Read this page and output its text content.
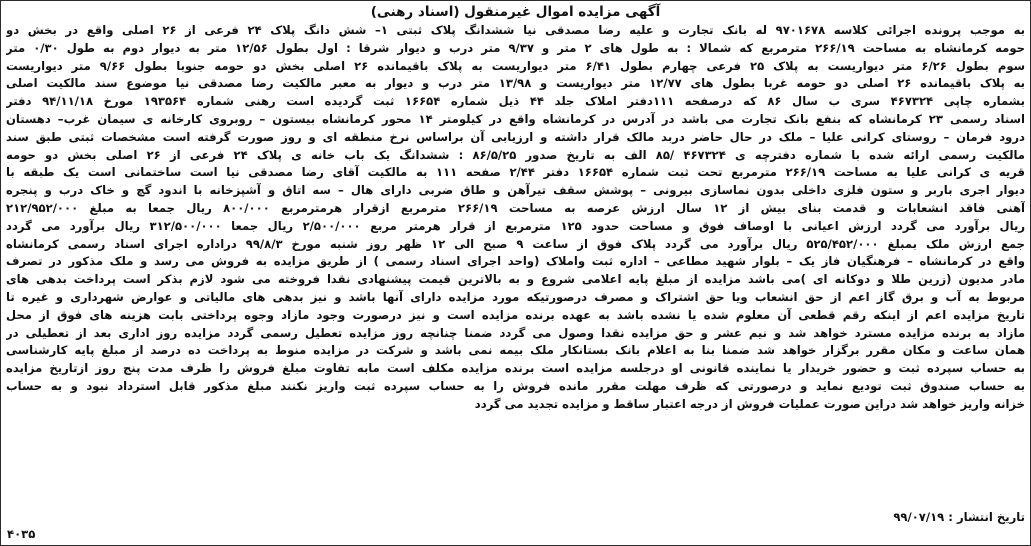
آگهی مزایده اموال غیرمنقول (اسناد رهنی)
به موجب پرونده اجرائی کلاسه ۹۷۰۱۶۷۸ له بانک تجارت و علیه رضا مصدقی نیا ششدانگ پلاک ثبتی ۱– شش دانگ پلاک ۲۴ فرعی از ۲۶ اصلی واقع در بخش دو
حومه کرمانشاه به مساحت ۲۶۶/۱۹ مترمربع که شمالا : به طول های ۲ متر و ۹/۳۷ متر درب و دیوار شرقا : اول بطول ۱۲/۵۶ متر به دیوار دوم به طول ۰/۳۰ متر
سوم بطول ۶/۲۶ متر دیواریست به پلاک ۲۵ فرعی چهارم بطول ۶/۴۱ متر دیواریست به پلاک باقیمانده ۲۶ اصلی بخش دو حومه جنوبا بطول ۹/۶۶ متر دیواریست
به پلاک باقیمانده ۲۶ اصلی دو حومه غربا بطول های ۱۲/۷۷ متر دیواریست و ۱۳/۹۸ متر درب و دیوار به معبر مالکیت رضا مصدقی نیا موضوع سند مالکیت اصلی
بشماره چاپی ۴۶۷۳۲۴ سری ب سال ۸۶ که درصفحه ۱۱۱دفتر املاک جلد ۴۴ ذیل شماره ۱۶۶۵۴ ثبت گردیده است رهنی شماره ۱۹۳۵۶۴ مورخ ۹۴/۱۱/۱۸ دفتر
اسناد رسمی ۲۳ کرمانشاه که بنفع بانک تجارت می باشد در آدرس در کرمانشاه واقع در کیلومتر ۱۴ محور کرمانشاه بیستون – روبروی کارخانه ی سیمان غرب– دهستان
درود فرمان – روستای کرانی علیا – ملک در حال حاضر دربد مالک قرار داشته و ارزیابی آن براساس نرخ منطقه ای و روز صورت گرفته است مشخصات ثبتی طبق سند
مالکیت رسمی ارائه شده با شماره دفترچه ی ۴۶۷۳۲۴ /۸۵ الف به تاریخ صدور ۸۶/۵/۲۵ : ششدانگ یک باب خانه ی پلاک ۲۴ فرعی از ۲۶ اصلی بخش دو حومه
قریه ی کرانی علیا به مساحت ۲۶۶/۱۹ مترمربع تحت ثبت شماره ۱۶۶۵۴ دفتر ۲/۴۴ صفحه ۱۱۱ به مالکیت آقای رضا مصدقی نیا است ساختمانی است یک طبقه با
دیوار اجری باربر و ستون فلزی داخلی بدون نماسازی بیرونی – پوشش سقف تیرآهن و طاق ضربی دارای هال – سه اتاق و آشپزخانه با اندود گچ و خاک درب و پنجره
آهنی فاقد انشعابات و قدمت بنای بیش از ۱۲ سال ارزش عرصه به مساحت ۲۶۶/۱۹ مترمربع ازقرار هرمترمربع ۸۰۰/۰۰۰ ریال جمعا به مبلغ ۲۱۲/۹۵۲/۰۰۰
ریال برآورد می گردد ارزش اعیانی با اوصاف فوق و مساحت حدود ۱۲۵ مترمربع از قرار هرمتر مربع ۲/۵۰۰/۰۰۰ ریال جمعا ۳۱۲/۵۰۰/۰۰۰ ریال برآورد می گردد
جمع ارزش ملک بمبلغ ۵۲۵/۴۵۲/۰۰۰ ریال برآورد می گردد پلاک فوق از ساعت ۹ صبح الی ۱۲ ظهر روز شنبه مورخ ۹۹/۸/۳ دراداره اجرای اسناد رسمی کرمانشاه
واقع در کرمانشاه – فرهنگیان فاز یک – بلوار شهید مطاعی – اداره ثبت واملاک (واحد اجرای اسناد رسمی ) از طریق مزایده به فروش می رسد و ملک مذکور در تصرف
مادر مدیون (زرین طلا و دوکانه ای )می باشد مزایده از مبلغ پایه اعلامی شروع و به بالاترین قیمت پیشنهادی نقدا فروخته می شود لازم بذکر است پرداخت بدهی های
مربوط به آب و برق گاز اعم از حق انشعاب ویا حق اشتراک و مصرف درصورتیکه مورد مزایده دارای آنها باشد و نیز بدهی های مالیاتی و عوارض شهرداری و غیره تا
تاریخ مزایده اعم از اینکه رقم قطعی آن معلوم شده یا نشده باشد به عهده برنده مزایده است و نیز درصورت وجود مازاد وجوه پرداختی بابت هزینه های فوق از محل
مازاد به برنده مزایده مسترد خواهد شد و نیم عشر و حق مزایده نقدا وصول می گردد ضمنا چنانچه روز مزایده تعطیل رسمی گردد مزایده روز اداری بعد از تعطیلی در
همان ساعت و مکان مقرر برگزار خواهد شد ضمنا بنا به اعلام بانک بستانکار ملک بیمه نمی باشد و شرکت در مزایده منوط به پرداخت ده درصد از مبلغ پایه کارشناسی
به حساب سپرده ثبت و حضور خریدار یا نماینده قانونی او درجلسه مزایده است برنده مزایده مکلف است مابه تفاوت مبلغ فروش را ظرف مدت پنج روز ازتاریخ مزایده
به حساب صندوق ثبت تودیع نماید و درصورتی که ظرف مهلت مقرر مانده فروش را به حساب سپرده ثبت واریز نکنند مبلغ مذکور قابل استرداد نبود و به حساب
خزانه واریز خواهد شد دراین صورت عملیات فروش از درجه اعتبار ساقط و مزایده تجدید می گردد
تاریخ انتشار : ۹۹/۰۷/۱۹
۴۰۳۵
